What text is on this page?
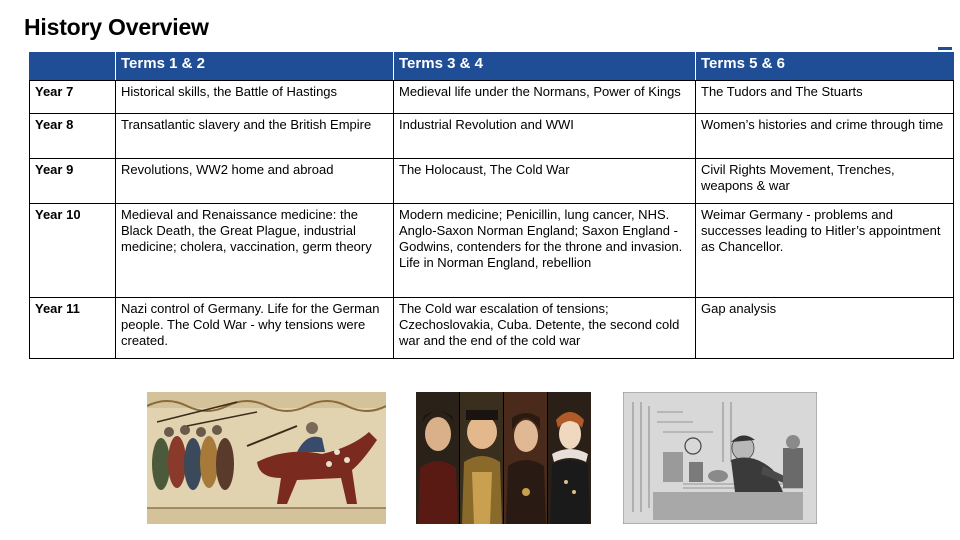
History Overview
	Terms 1 & 2	Terms 3 & 4	Terms 5 & 6
Year 7	Historical skills, the Battle of Hastings	Medieval life under the Normans, Power of Kings	The Tudors and The Stuarts
Year 8	Transatlantic slavery and the British Empire	Industrial Revolution and WWI	Women’s histories and crime through time
Year 9	Revolutions, WW2 home and abroad	The Holocaust, The Cold War	Civil Rights Movement, Trenches, weapons & war
Year 10	Medieval and Renaissance medicine: the Black Death, the Great Plague, industrial medicine; cholera, vaccination, germ theory	Modern medicine; Penicillin, lung cancer, NHS. Anglo-Saxon Norman England; Saxon England - Godwins, contenders for the throne and invasion. Life in Norman England, rebellion	Weimar Germany - problems and successes leading to Hitler’s appointment as Chancellor.
Year 11	Nazi control of Germany. Life for the German people. The Cold War - why tensions were created.	The Cold war escalation of tensions; Czechoslovakia, Cuba. Detente, the second cold war and the end of the cold war	Gap analysis
